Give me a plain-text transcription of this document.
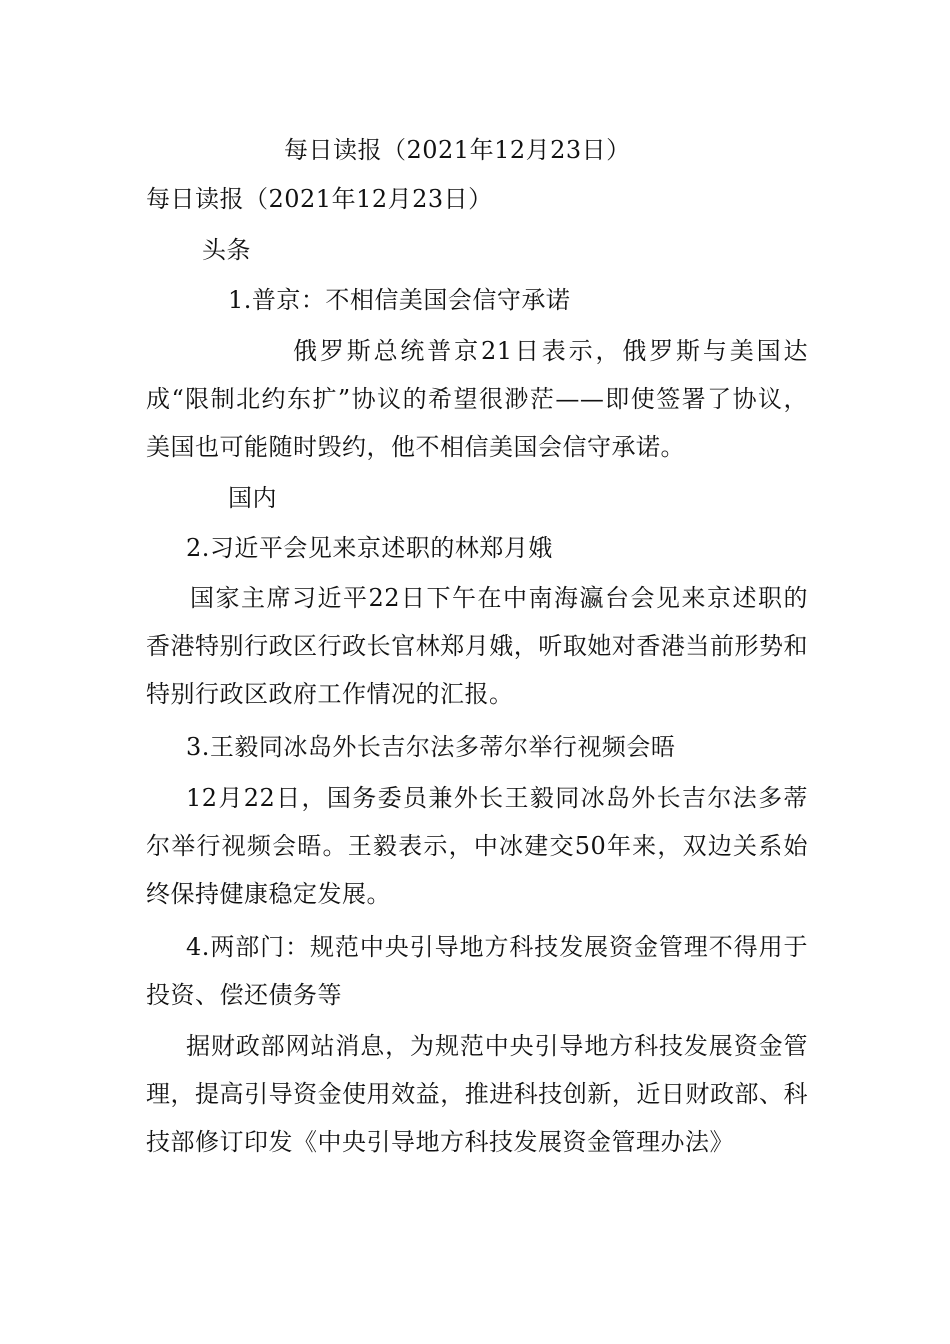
每日读报（2021年12月23日）
每日读报（2021年12月23日）
头条
1.普京：不相信美国会信守承诺
俄罗斯总统普京21日表示，俄罗斯与美国达成“限制北约东扩”协议的希望很渺茫——即使签署了协议，美国也可能随时毁约，他不相信美国会信守承诺。
国内
2.习近平会见来京述职的林郑月娥
国家主席习近平22日下午在中南海瀛台会见来京述职的香港特别行政区行政长官林郑月娥，听取她对香港当前形势和特别行政区政府工作情况的汇报。
3.王毅同冰岛外长吉尔法多蒂尔举行视频会晤
12月22日，国务委员兼外长王毅同冰岛外长吉尔法多蒂尔举行视频会晤。王毅表示，中冰建交50年来，双边关系始终保持健康稳定发展。
4.两部门：规范中央引导地方科技发展资金管理不得用于投资、偿还债务等
据财政部网站消息，为规范中央引导地方科技发展资金管理，提高引导资金使用效益，推进科技创新，近日财政部、科技部修订印发《中央引导地方科技发展资金管理办法》
